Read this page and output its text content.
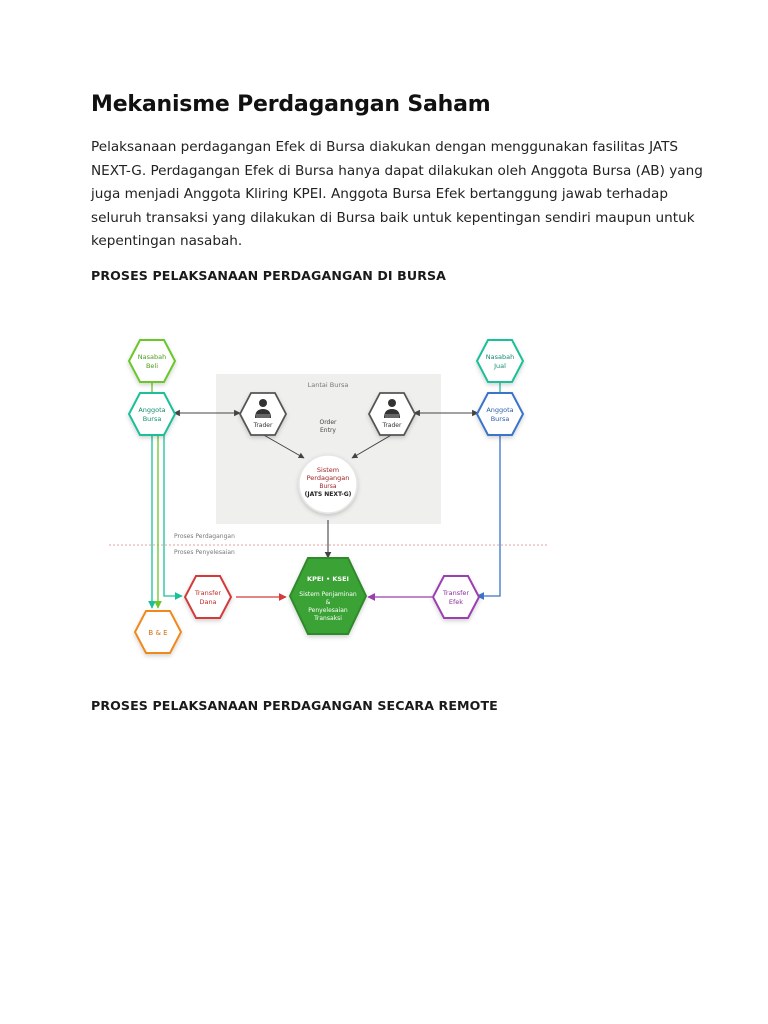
Mekanisme Perdagangan Saham

Pelaksanaan perdagangan Efek di Bursa diakukan dengan menggunakan fasilitas JATS
NEXT-G. Perdagangan Efek di Bursa hanya dapat dilakukan oleh Anggota Bursa (AB) yang
juga menjadi Anggota Kliring KPEI. Anggota Bursa Efek bertanggung jawab terhadap
seluruh transaksi yang dilakukan di Bursa baik untuk kepentingan sendiri maupun untuk
kepentingan nasabah.

PROSES PELAKSANAAN PERDAGANGAN DI BURSA
Lantai Bursa
Proses Perdagangan
Proses Penyelesaian
Nasabah
Beli
Anggota
Bursa
Nasabah
Jual
Anggota
Bursa
Trader	Trader
Order
Entry
Sistem
Perdagangan
Bursa
(JATS NEXT-G)
KPEI • KSEI
Sistem Penjaminan
&
Penyelesaian
Transaksi
Transfer
Dana
Transfer
Efek
B & E
PROSES PELAKSANAAN PERDAGANGAN SECARA REMOTE
